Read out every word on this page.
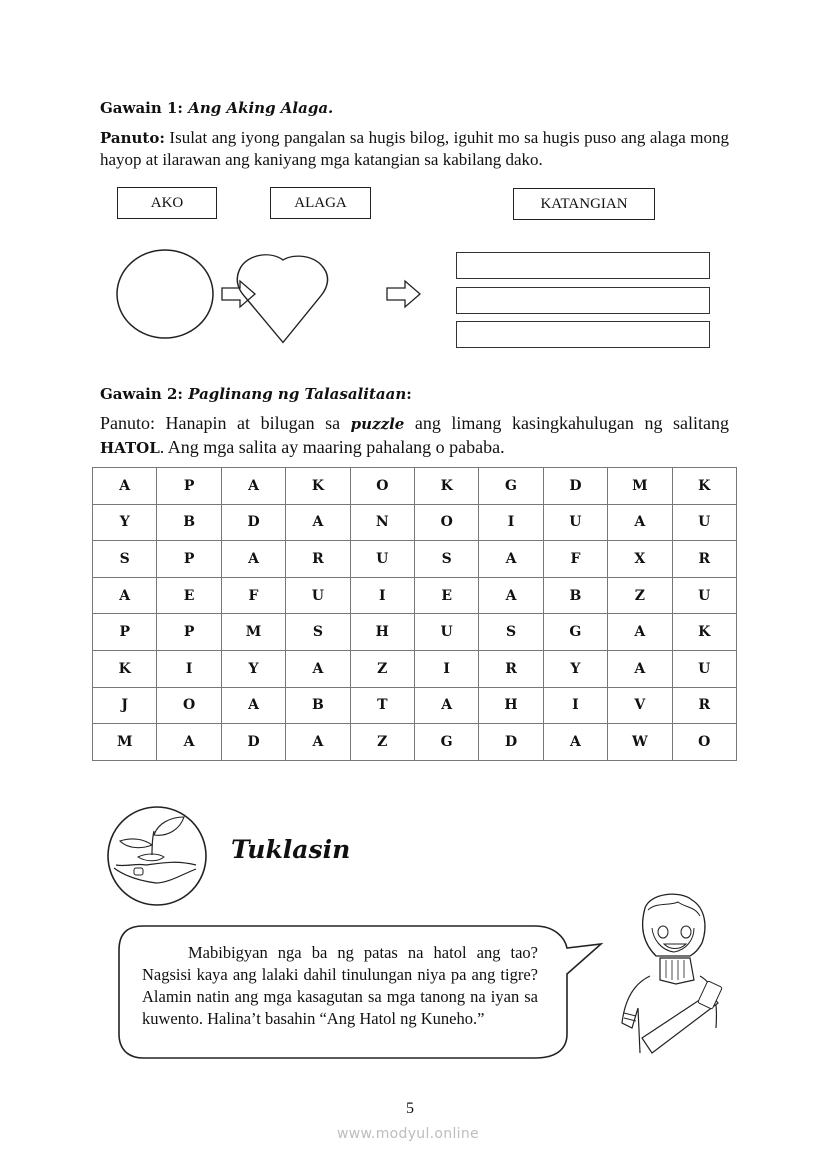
Gawain 1: Ang Aking Alaga.
Panuto: Isulat ang iyong pangalan sa hugis bilog, iguhit mo sa hugis puso ang alaga mong hayop at ilarawan ang kaniyang mga katangian sa kabilang dako.
AKO	ALAGA	KATANGIAN
Gawain 2: Paglinang ng Talasalitaan:
Panuto: Hanapin at bilugan sa puzzle ang limang kasingkahulugan ng salitang HATOL. Ang mga salita ay maaring pahalang o pababa.
A	P	A	K	O	K	G	D	M	K
Y	B	D	A	N	O	I	U	A	U
S	P	A	R	U	S	A	F	X	R
A	E	F	U	I	E	A	B	Z	U
P	P	M	S	H	U	S	G	A	K
K	I	Y	A	Z	I	R	Y	A	U
J	O	A	B	T	A	H	I	V	R
M	A	D	A	Z	G	D	A	W	O
Tuklasin
Mabibigyan nga ba ng patas na hatol ang tao? Nagsisi kaya ang lalaki dahil tinulungan niya pa ang tigre? Alamin natin ang mga kasagutan sa mga tanong na iyan sa kuwento. Halina’t basahin “Ang Hatol ng Kuneho.”
5
www.modyul.online
